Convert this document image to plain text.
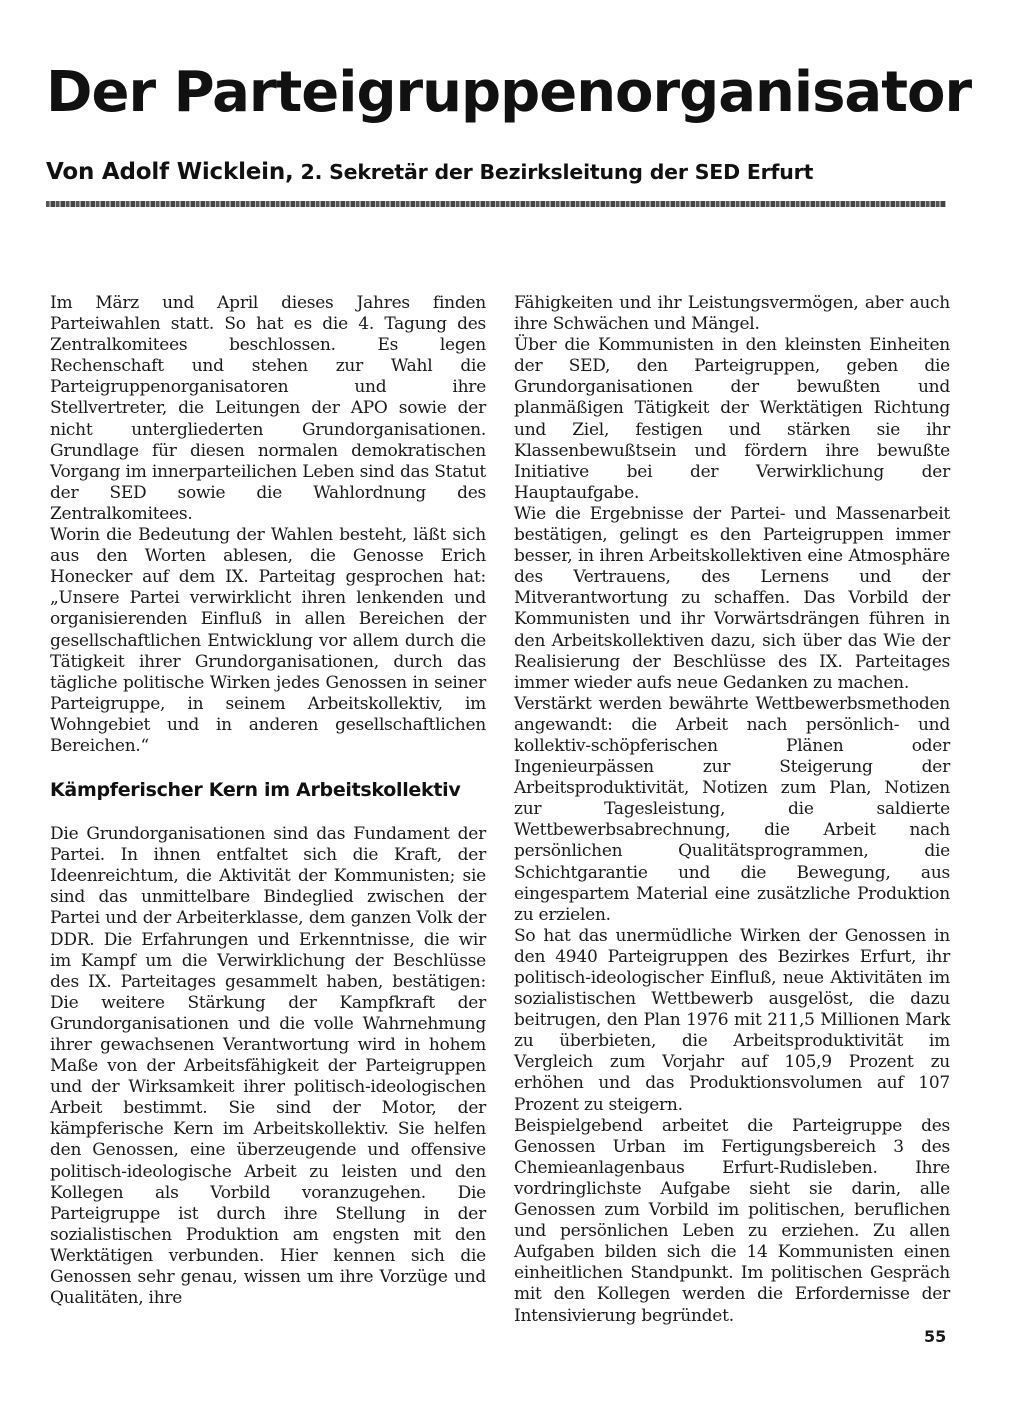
Der Parteigruppenorganisator
Von Adolf Wicklein, 2. Sekretär der Bezirksleitung der SED Erfurt

Im März und April dieses Jahres finden Parteiwahlen statt. So hat es die 4. Tagung des Zentralkomitees beschlossen. Es legen Rechenschaft und stehen zur Wahl die Parteigruppenorganisatoren und ihre Stellvertreter, die Leitungen der APO sowie der nicht untergliederten Grundorganisationen. Grundlage für diesen normalen demokratischen Vorgang im innerparteilichen Leben sind das Statut der SED sowie die Wahlordnung des Zentralkomitees.

Worin die Bedeutung der Wahlen besteht, läßt sich aus den Worten ablesen, die Genosse Erich Honecker auf dem IX. Parteitag gesprochen hat: „Unsere Partei verwirklicht ihren lenkenden und organisierenden Einfluß in allen Bereichen der gesellschaftlichen Entwicklung vor allem durch die Tätigkeit ihrer Grundorganisationen, durch das tägliche politische Wirken jedes Genossen in seiner Parteigruppe, in seinem Arbeitskollektiv, im Wohngebiet und in anderen gesellschaftlichen Bereichen.“

Kämpferischer Kern im Arbeitskollektiv

Die Grundorganisationen sind das Fundament der Partei. In ihnen entfaltet sich die Kraft, der Ideenreichtum, die Aktivität der Kommunisten; sie sind das unmittelbare Bindeglied zwischen der Partei und der Arbeiterklasse, dem ganzen Volk der DDR. Die Erfahrungen und Erkenntnisse, die wir im Kampf um die Verwirklichung der Beschlüsse des IX. Parteitages gesammelt haben, bestätigen: Die weitere Stärkung der Kampfkraft der Grundorganisationen und die volle Wahrnehmung ihrer gewachsenen Verantwortung wird in hohem Maße von der Arbeitsfähigkeit der Parteigruppen und der Wirksamkeit ihrer politisch-ideologischen Arbeit bestimmt. Sie sind der Motor, der kämpferische Kern im Arbeitskollektiv. Sie helfen den Genossen, eine überzeugende und offensive politisch-ideologische Arbeit zu leisten und den Kollegen als Vorbild voranzugehen. Die Parteigruppe ist durch ihre Stellung in der sozialistischen Produktion am engsten mit den Werktätigen verbunden. Hier kennen sich die Genossen sehr genau, wissen um ihre Vorzüge und Qualitäten, ihre

Fähigkeiten und ihr Leistungsvermögen, aber auch ihre Schwächen und Mängel.

Über die Kommunisten in den kleinsten Einheiten der SED, den Parteigruppen, geben die Grundorganisationen der bewußten und planmäßigen Tätigkeit der Werktätigen Richtung und Ziel, festigen und stärken sie ihr Klassenbewußtsein und fördern ihre bewußte Initiative bei der Verwirklichung der Hauptaufgabe.

Wie die Ergebnisse der Partei- und Massenarbeit bestätigen, gelingt es den Parteigruppen immer besser, in ihren Arbeitskollektiven eine Atmosphäre des Vertrauens, des Lernens und der Mitverantwortung zu schaffen. Das Vorbild der Kommunisten und ihr Vorwärtsdrängen führen in den Arbeitskollektiven dazu, sich über das Wie der Realisierung der Beschlüsse des IX. Parteitages immer wieder aufs neue Gedanken zu machen.

Verstärkt werden bewährte Wettbewerbsmethoden angewandt: die Arbeit nach persönlich- und kollektiv-schöpferischen Plänen oder Ingenieurpässen zur Steigerung der Arbeitsproduktivität, Notizen zum Plan, Notizen zur Tagesleistung, die saldierte Wettbewerbsabrechnung, die Arbeit nach persönlichen Qualitätsprogrammen, die Schichtgarantie und die Bewegung, aus eingespartem Material eine zusätzliche Produktion zu erzielen.

So hat das unermüdliche Wirken der Genossen in den 4940 Parteigruppen des Bezirkes Erfurt, ihr politisch-ideologischer Einfluß, neue Aktivitäten im sozialistischen Wettbewerb ausgelöst, die dazu beitrugen, den Plan 1976 mit 211,5 Millionen Mark zu überbieten, die Arbeitsproduktivität im Vergleich zum Vorjahr auf 105,9 Prozent zu erhöhen und das Produktionsvolumen auf 107 Prozent zu steigern.

Beispielgebend arbeitet die Parteigruppe des Genossen Urban im Fertigungsbereich 3 des Chemieanlagenbaus Erfurt-Rudisleben. Ihre vordringlichste Aufgabe sieht sie darin, alle Genossen zum Vorbild im politischen, beruflichen und persönlichen Leben zu erziehen. Zu allen Aufgaben bilden sich die 14 Kommunisten einen einheitlichen Standpunkt. Im politischen Gespräch mit den Kollegen werden die Erfordernisse der Intensivierung begründet.

55
